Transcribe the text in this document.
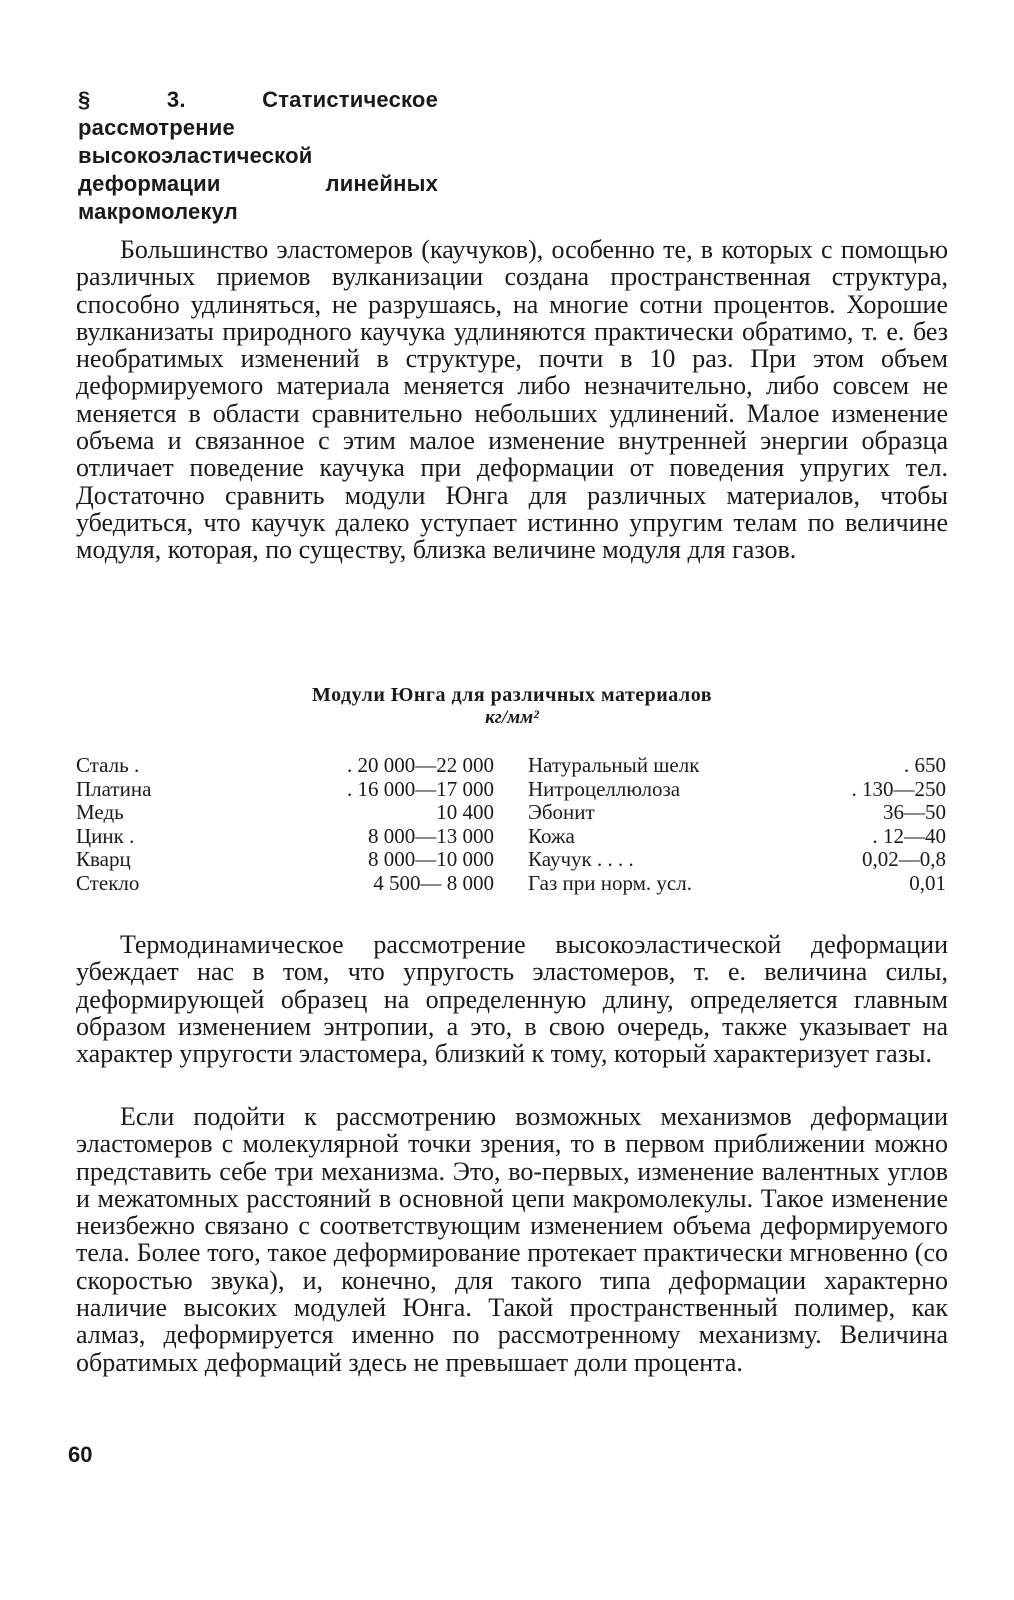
§ 3. Статистическое рассмотрение высокоэластической деформации линейных макромолекул

Большинство эластомеров (каучуков), особенно те, в которых с помощью различных приемов вулканизации создана пространственная структура, способно удлиняться, не разрушаясь, на многие сотни процентов. Хорошие вулканизаты природного каучука удлиняются практически обратимо, т. е. без необратимых изменений в структуре, почти в 10 раз. При этом объем деформируемого материала меняется либо незначительно, либо совсем не меняется в области сравнительно небольших удлинений. Малое изменение объема и связанное с этим малое изменение внутренней энергии образца отличает поведение каучука при деформации от поведения упругих тел. Достаточно сравнить модули Юнга для различных материалов, чтобы убедиться, что каучук далеко уступает истинно упругим телам по величине модуля, которая, по существу, близка величине модуля для газов.

Модули Юнга для различных материалов
кг/мм²
Сталь .	. 20 000—22 000 Натуральный шелк	. 650
Платина	. 16 000—17 000 Нитроцеллюлоза	. 130—250
Медь	10 400 Эбонит	36—50
Цинк .	8 000—13 000 Кожа	. 12—40
Кварц	8 000—10 000 Каучук . . . .	0,02—0,8
Стекло	4 500— 8 000 Газ при норм. усл.	0,01

Термодинамическое рассмотрение высокоэластической деформации убеждает нас в том, что упругость эластомеров, т. е. величина силы, деформирующей образец на определенную длину, определяется главным образом изменением энтропии, а это, в свою очередь, также указывает на характер упругости эластомера, близкий к тому, который характеризует газы.

Если подойти к рассмотрению возможных механизмов деформации эластомеров с молекулярной точки зрения, то в первом приближении можно представить себе три механизма. Это, во-первых, изменение валентных углов и межатомных расстояний в основной цепи макромолекулы. Такое изменение неизбежно связано с соответствующим изменением объема деформируемого тела. Более того, такое деформирование протекает практически мгновенно (со скоростью звука), и, конечно, для такого типа деформации характерно наличие высоких модулей Юнга. Такой пространственный полимер, как алмаз, деформируется именно по рассмотренному механизму. Величина обратимых деформаций здесь не превышает доли процента.

60
